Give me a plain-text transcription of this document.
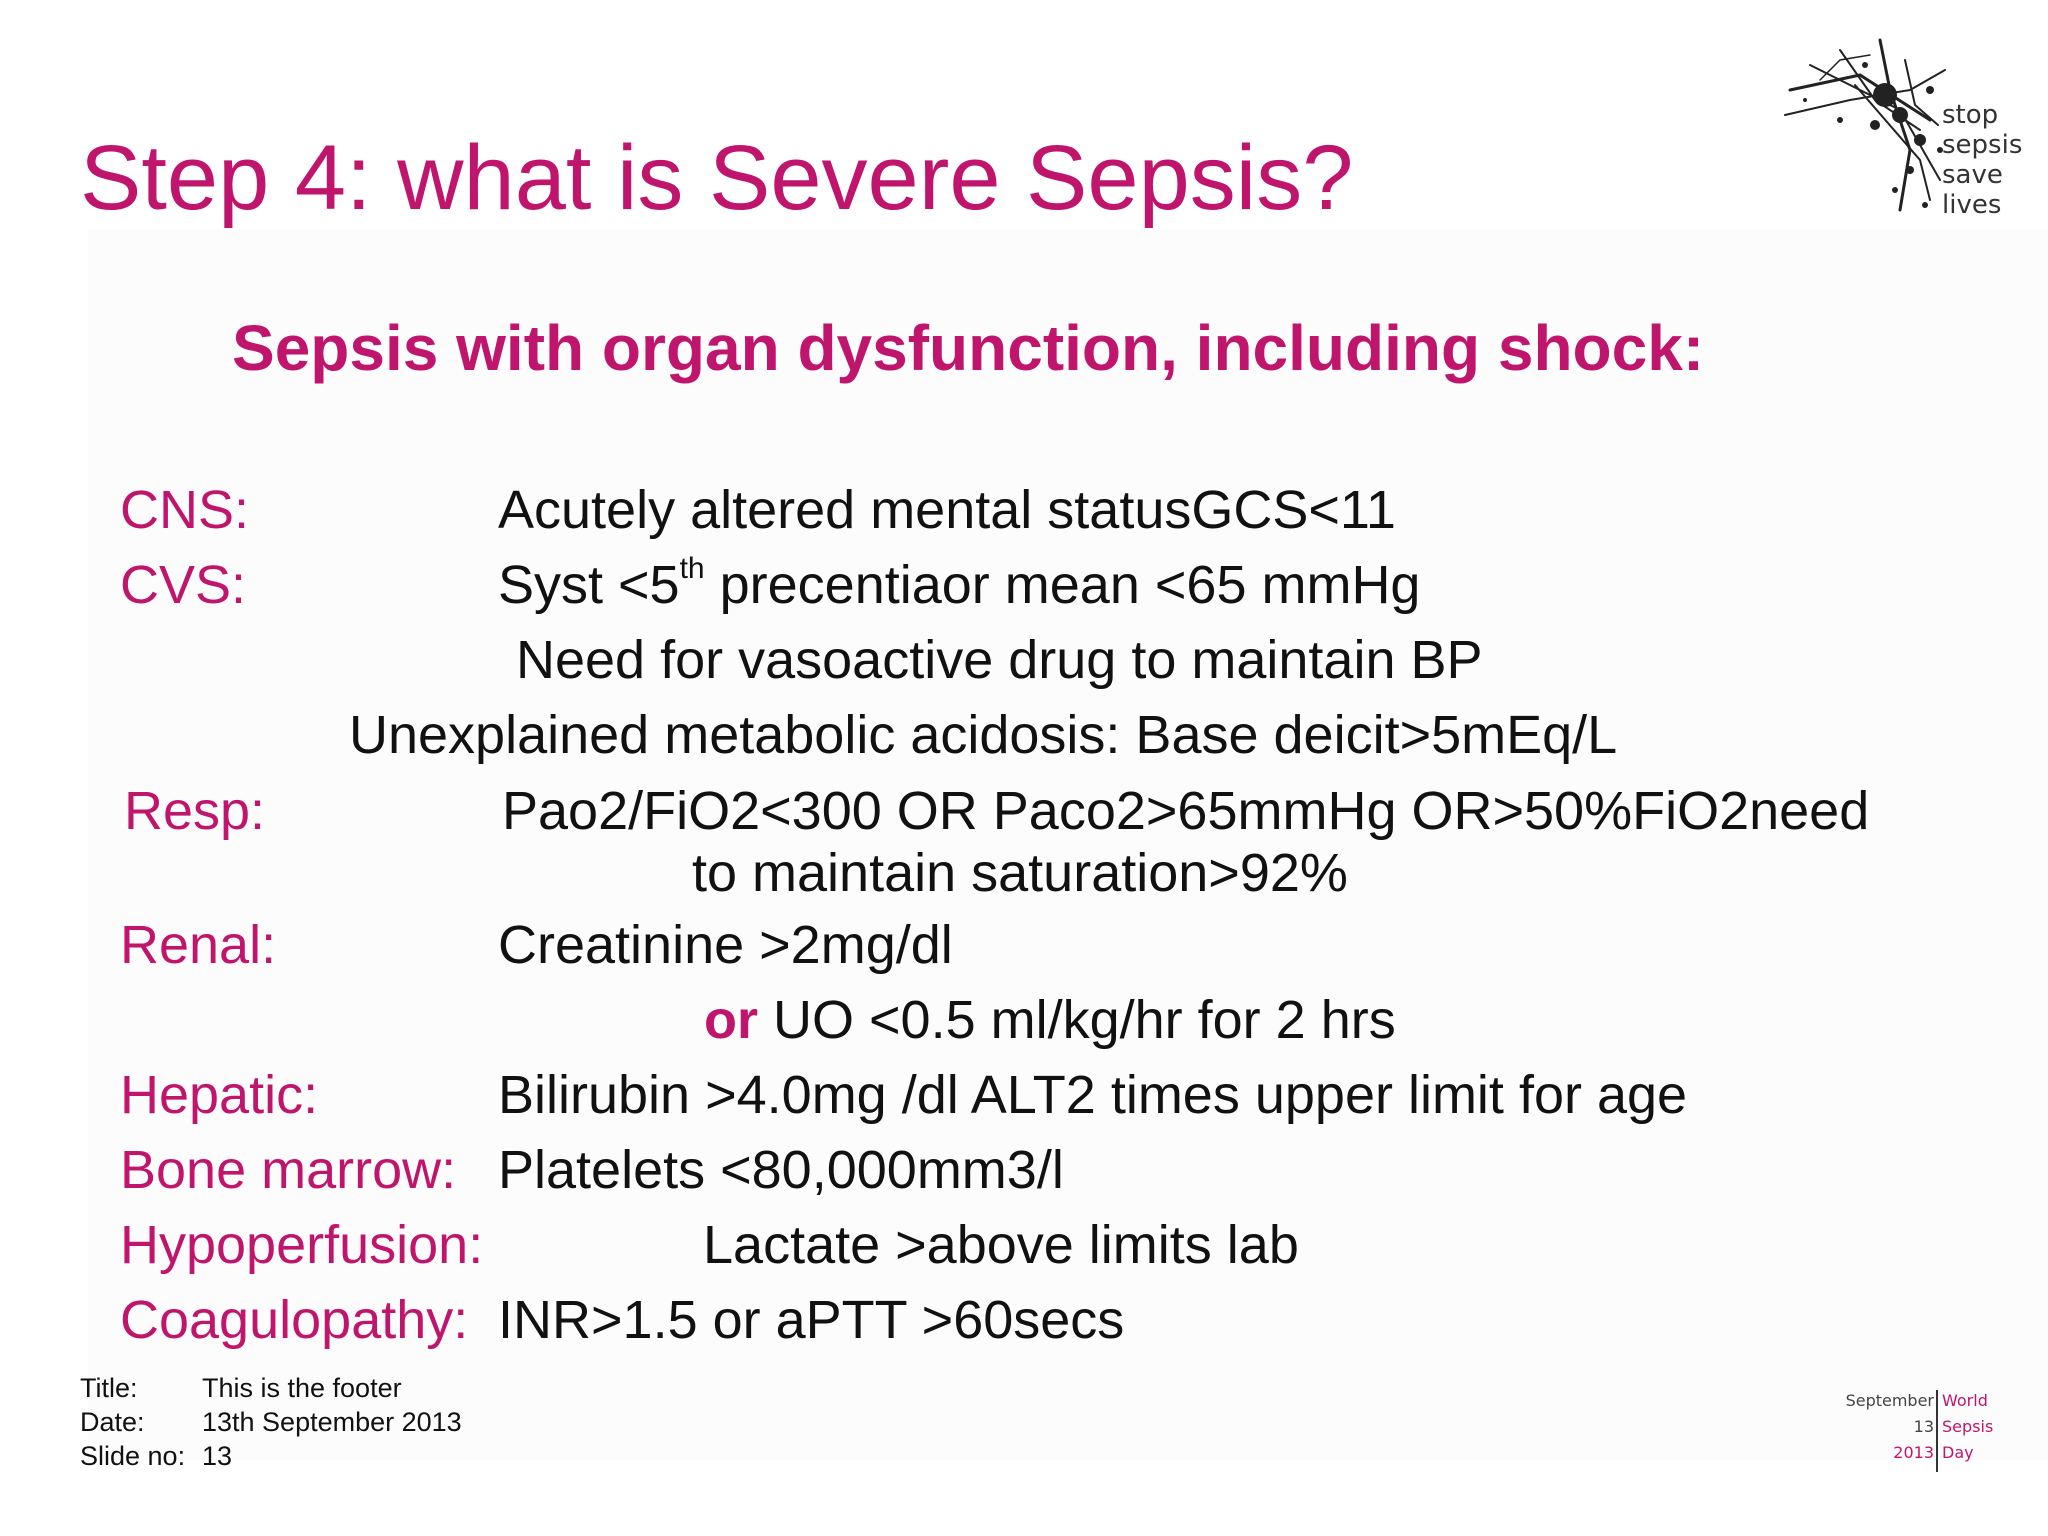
Step 4: what is Severe Sepsis?
Sepsis with organ dysfunction, including shock:
CNS:	Acutely altered mental statusGCS<11
CVS:	Syst <5th precentiaor mean <65 mmHg
Need for vasoactive drug to maintain BP
Unexplained metabolic acidosis: Base deicit>5mEq/L
Resp:	Pao2/FiO2<300 OR Paco2>65mmHg OR>50%FiO2need
to maintain saturation>92%
Renal:	Creatinine >2mg/dl
or UO <0.5 ml/kg/hr for 2 hrs
Hepatic:	Bilirubin >4.0mg /dl ALT2 times upper limit for age
Bone marrow: Platelets <80,000mm3/l
Hypoperfusion:	Lactate >above limits lab
Coagulopathy: INR>1.5 or aPTT >60secs
Title: This is the footer
Date: 13th September 2013
Slide no: 13
stop
sepsis
save
lives
September
13
2013
World
Sepsis
Day
